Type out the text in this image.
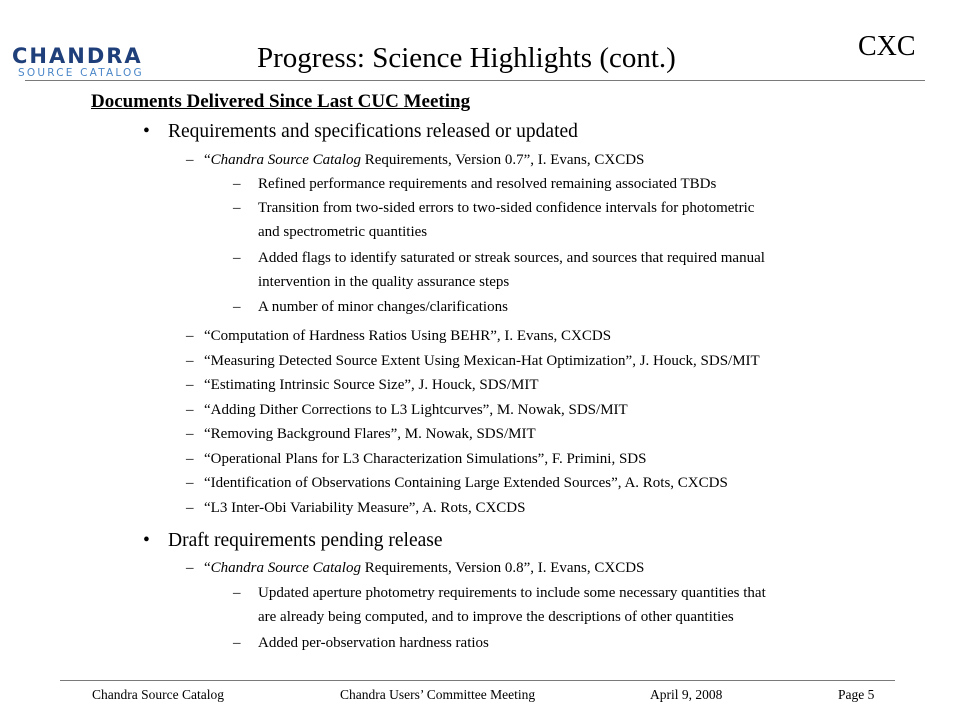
CHANDRA
SOURCE CATALOG	Progress: Science Highlights (cont.)	CXC
Documents Delivered Since Last CUC Meeting
• Requirements and specifications released or updated
– “Chandra Source Catalog Requirements, Version 0.7”, I. Evans, CXCDS
– Refined performance requirements and resolved remaining associated TBDs
– Transition from two-sided errors to two-sided confidence intervals for photometric
and spectrometric quantities
– Added flags to identify saturated or streak sources, and sources that required manual
intervention in the quality assurance steps
– A number of minor changes/clarifications
– “Computation of Hardness Ratios Using BEHR”, I. Evans, CXCDS
– “Measuring Detected Source Extent Using Mexican-Hat Optimization”, J. Houck, SDS/MIT
– “Estimating Intrinsic Source Size”, J. Houck, SDS/MIT
– “Adding Dither Corrections to L3 Lightcurves”, M. Nowak, SDS/MIT
– “Removing Background Flares”, M. Nowak, SDS/MIT
– “Operational Plans for L3 Characterization Simulations”, F. Primini, SDS
– “Identification of Observations Containing Large Extended Sources”, A. Rots, CXCDS
– “L3 Inter-Obi Variability Measure”, A. Rots, CXCDS
• Draft requirements pending release
– “Chandra Source Catalog Requirements, Version 0.8”, I. Evans, CXCDS
– Updated aperture photometry requirements to include some necessary quantities that
are already being computed, and to improve the descriptions of other quantities
– Added per-observation hardness ratios
Chandra Source Catalog	Chandra Users’ Committee Meeting	April 9, 2008	Page 5
